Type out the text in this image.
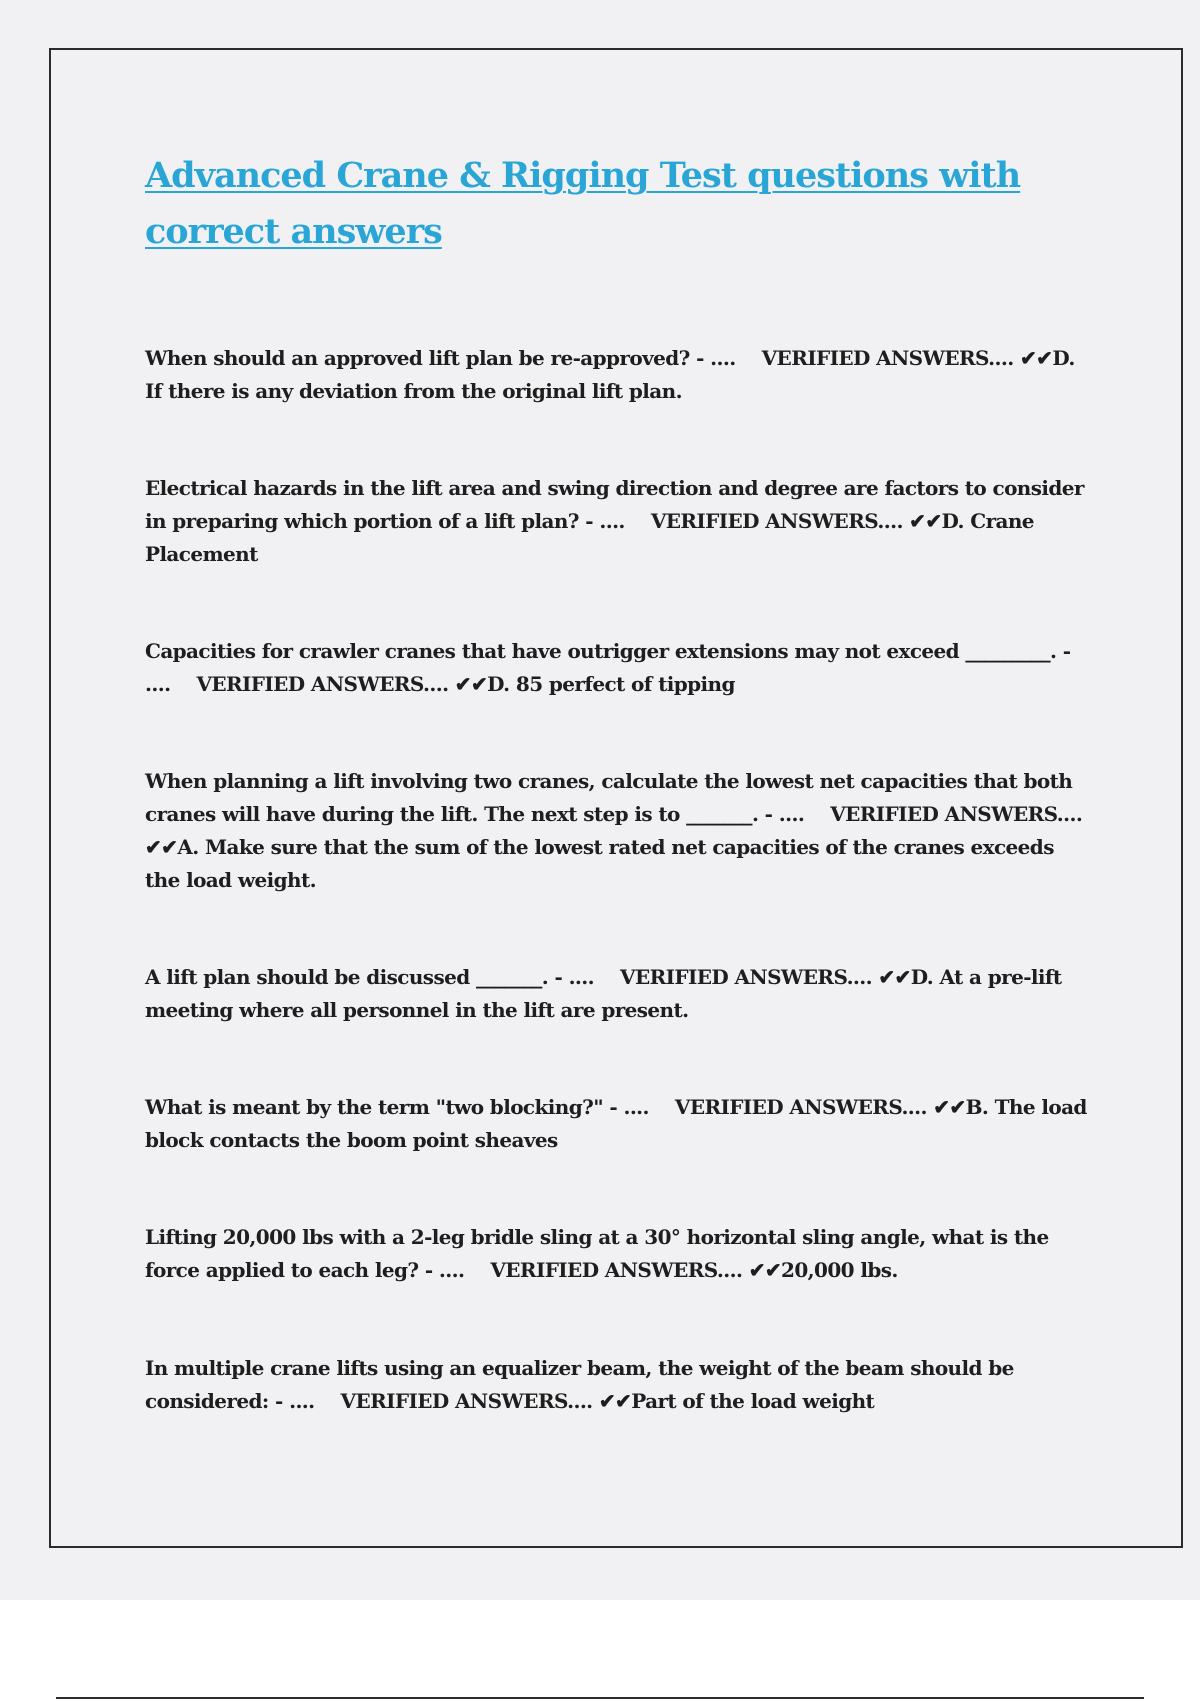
Advanced Crane & Rigging Test questions with correct answers

When should an approved lift plan be re-approved? - .... VERIFIED ANSWERS.... ✔✔D. If there is any deviation from the original lift plan.

Electrical hazards in the lift area and swing direction and degree are factors to consider in preparing which portion of a lift plan? - .... VERIFIED ANSWERS.... ✔✔D. Crane Placement

Capacities for crawler cranes that have outrigger extensions may not exceed _________. - .... VERIFIED ANSWERS.... ✔✔D. 85 perfect of tipping

When planning a lift involving two cranes, calculate the lowest net capacities that both cranes will have during the lift. The next step is to _______. - .... VERIFIED ANSWERS.... ✔✔A. Make sure that the sum of the lowest rated net capacities of the cranes exceeds the load weight.

A lift plan should be discussed _______. - .... VERIFIED ANSWERS.... ✔✔D. At a pre-lift meeting where all personnel in the lift are present.

What is meant by the term "two blocking?" - .... VERIFIED ANSWERS.... ✔✔B. The load block contacts the boom point sheaves

Lifting 20,000 lbs with a 2-leg bridle sling at a 30° horizontal sling angle, what is the force applied to each leg? - .... VERIFIED ANSWERS.... ✔✔20,000 lbs.

In multiple crane lifts using an equalizer beam, the weight of the beam should be considered: - .... VERIFIED ANSWERS.... ✔✔Part of the load weight
